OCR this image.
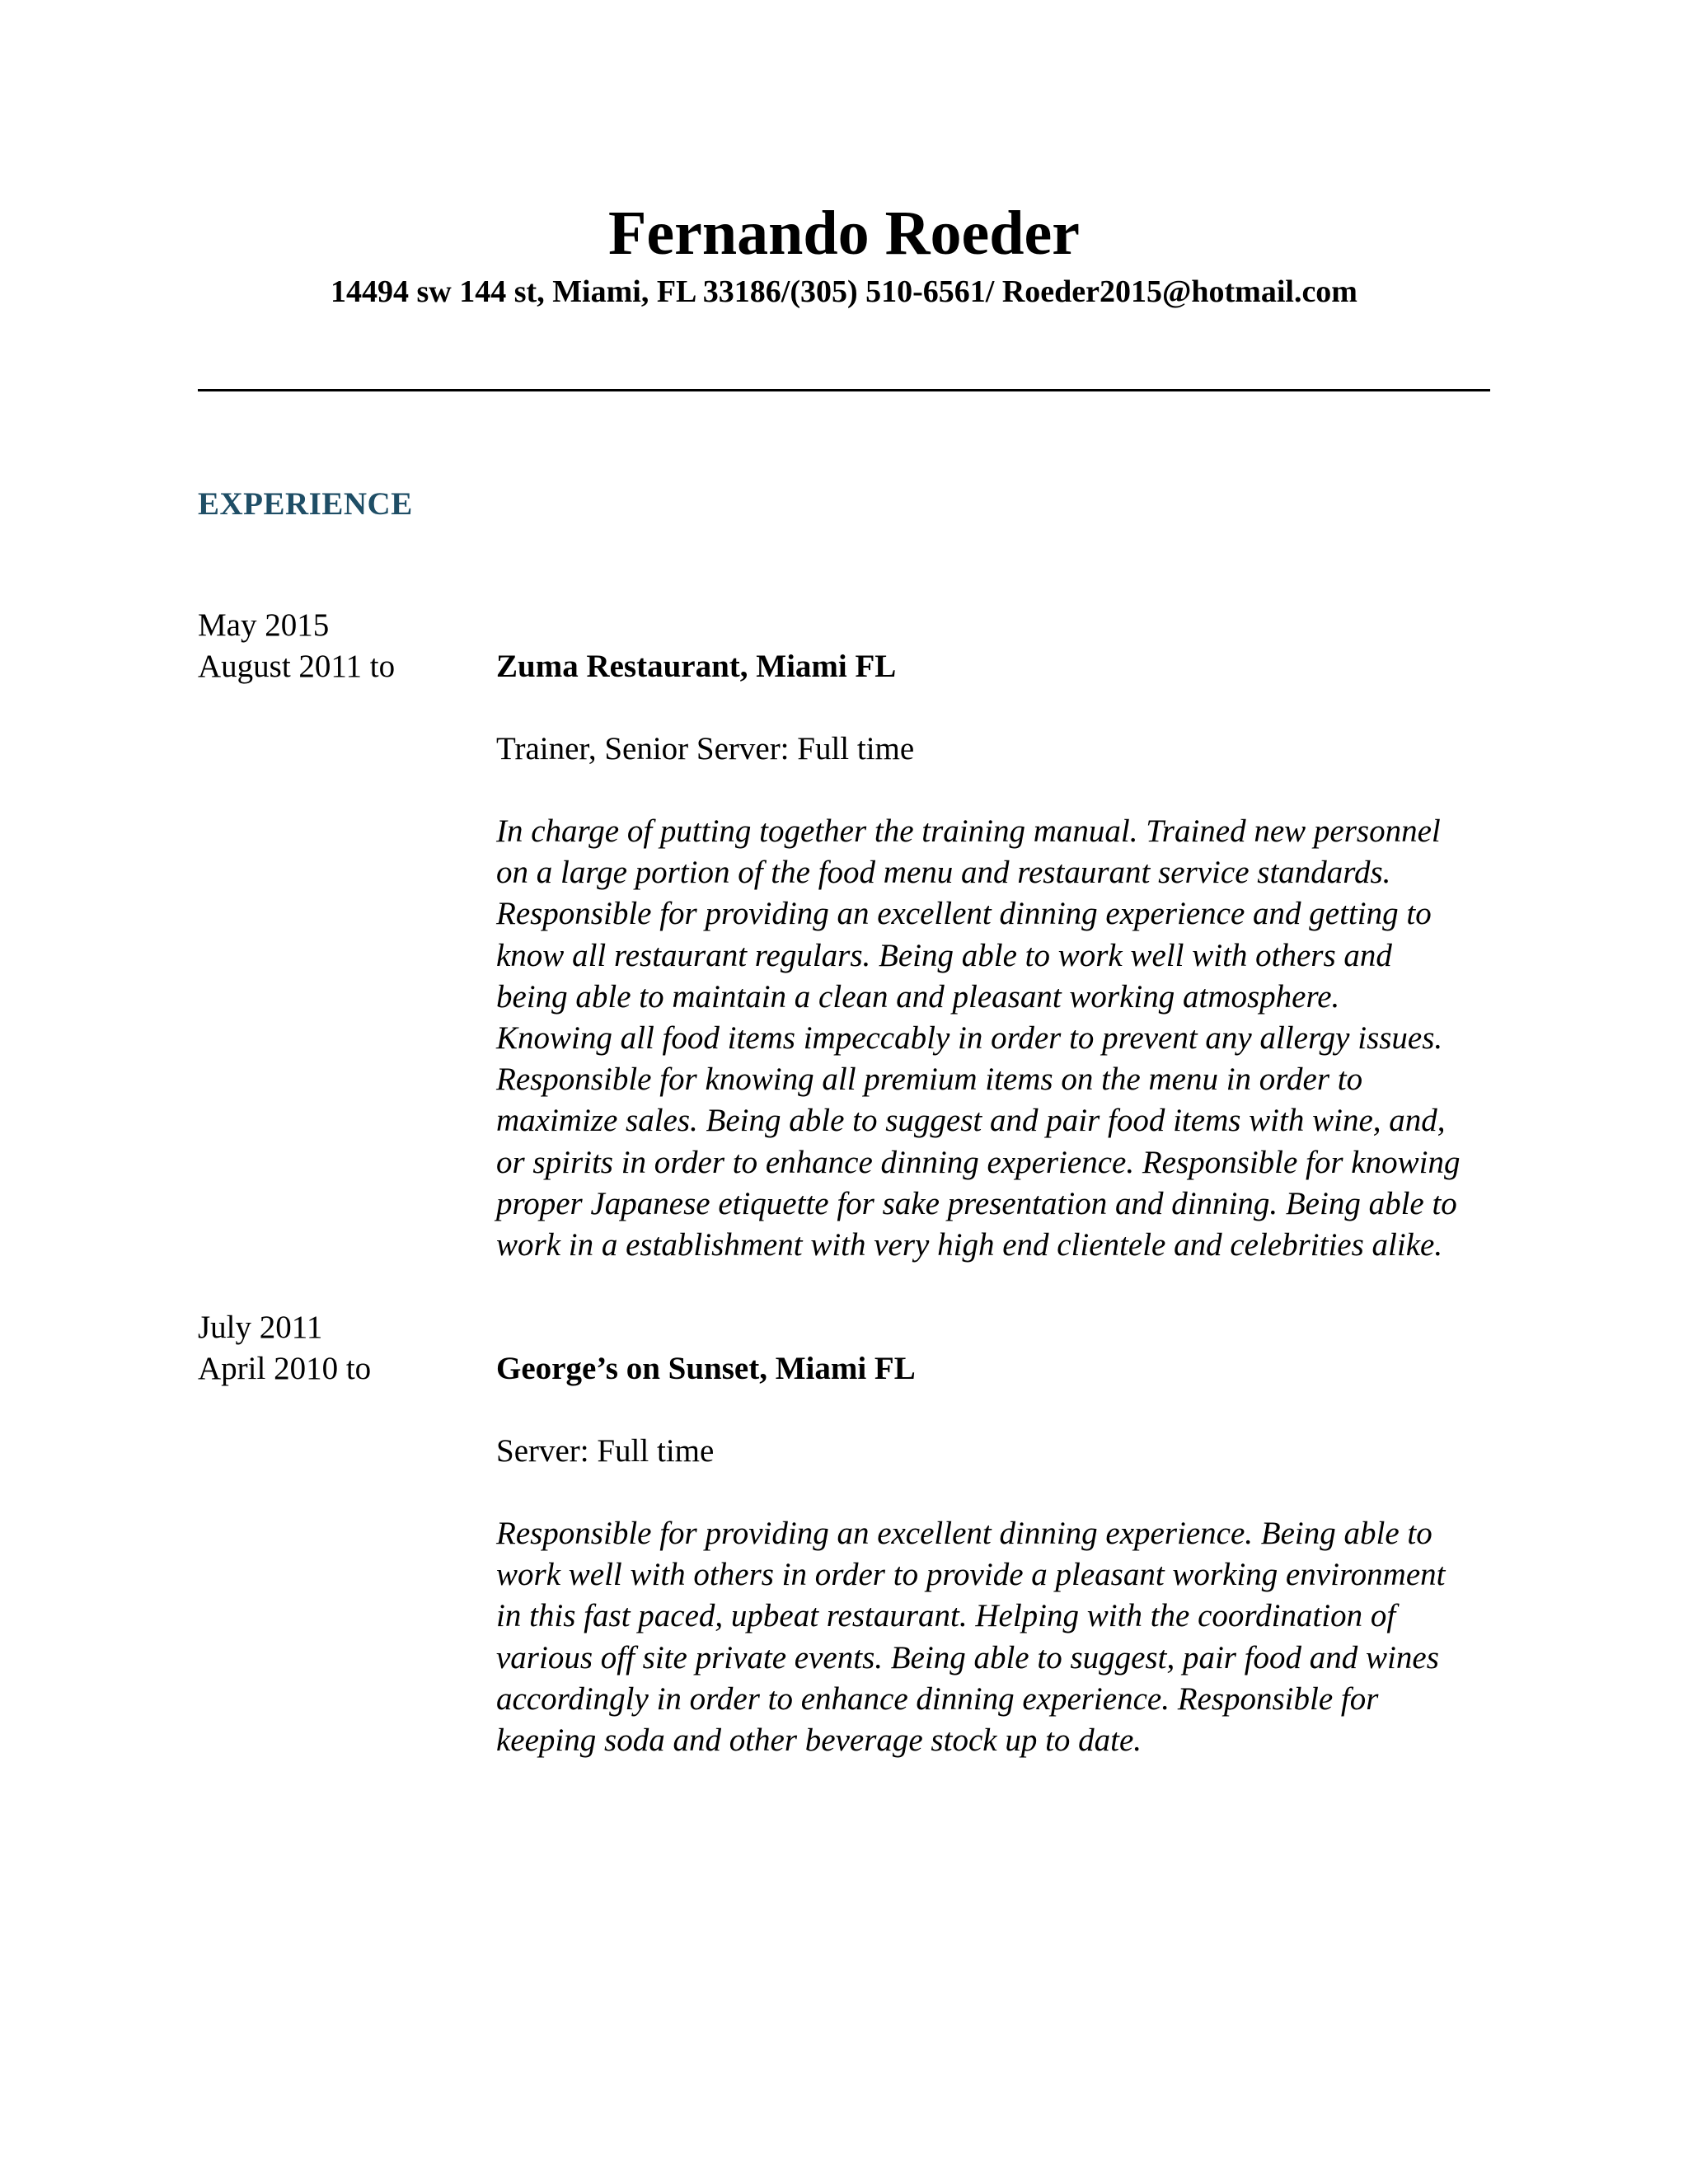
Fernando Roeder

14494 sw 144 st, Miami, FL 33186/(305) 510-6561/ Roeder2015@hotmail.com

EXPERIENCE

May 2015

August 2011 to	Zuma Restaurant, Miami FL

Trainer, Senior Server: Full time

In charge of putting together the training manual. Trained new personnel
on a large portion of the food menu and restaurant service standards.
Responsible for providing an excellent dinning experience and getting to
know all restaurant regulars. Being able to work well with others and
being able to maintain a clean and pleasant working atmosphere.
Knowing all food items impeccably in order to prevent any allergy issues.
Responsible for knowing all premium items on the menu in order to
maximize sales. Being able to suggest and pair food items with wine, and,
or spirits in order to enhance dinning experience. Responsible for knowing
proper Japanese etiquette for sake presentation and dinning. Being able to
work in a establishment with very high end clientele and celebrities alike.

July 2011

April 2010 to	George’s on Sunset, Miami FL

Server: Full time

Responsible for providing an excellent dinning experience. Being able to
work well with others in order to provide a pleasant working environment
in this fast paced, upbeat restaurant. Helping with the coordination of
various off site private events. Being able to suggest, pair food and wines
accordingly in order to enhance dinning experience. Responsible for
keeping soda and other beverage stock up to date.
